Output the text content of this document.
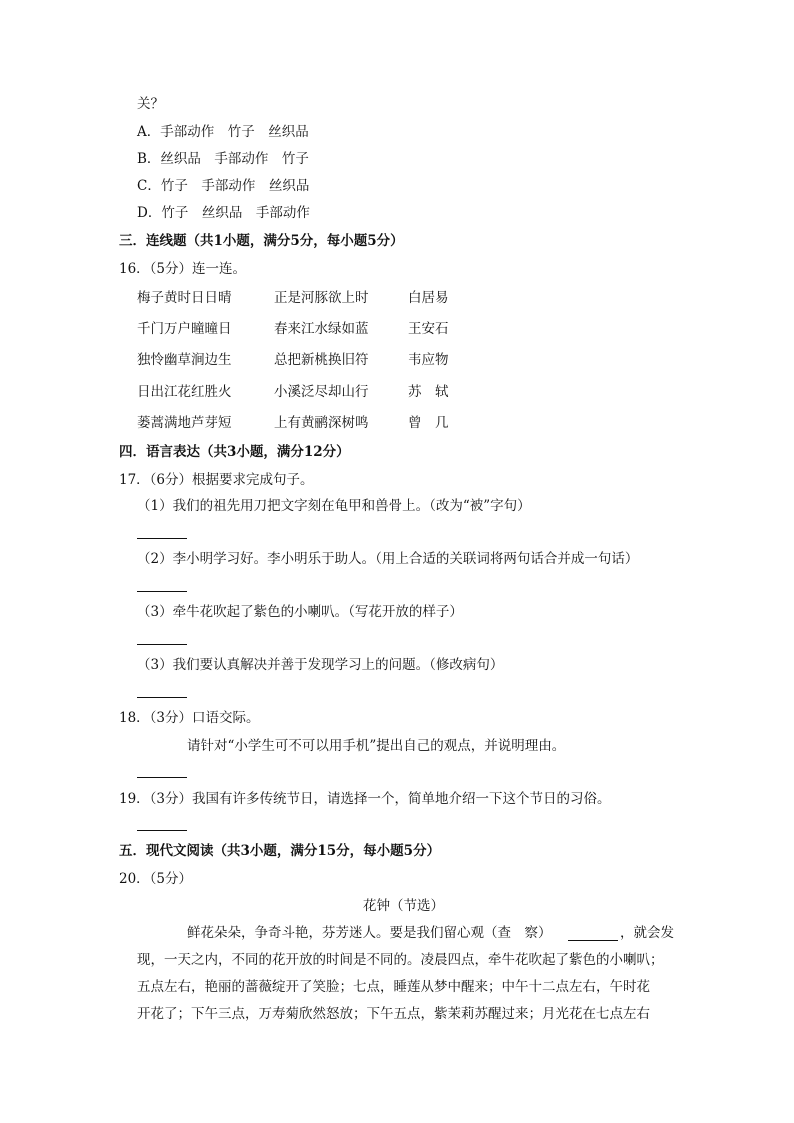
关？
A．手部动作　竹子　丝织品
B．丝织品　手部动作　竹子
C．竹子　手部动作　丝织品
D．竹子　丝织品　手部动作
三．连线题（共1小题，满分5分，每小题5分）
16．（5分）连一连。
梅子黄时日日晴	正是河豚欲上时	白居易
千门万户曈曈日	春来江水绿如蓝	王安石
独怜幽草涧边生	总把新桃换旧符	韦应物
日出江花红胜火	小溪泛尽却山行	苏　轼
蒌蒿满地芦芽短	上有黄鹂深树鸣	曾　几
四．语言表达（共3小题，满分12分）
17．（6分）根据要求完成句子。
（1）我们的祖先用刀把文字刻在龟甲和兽骨上。（改为“被”字句）
（2）李小明学习好。李小明乐于助人。（用上合适的关联词将两句话合并成一句话）
（3）牵牛花吹起了紫色的小喇叭。（写花开放的样子）
（3）我们要认真解决并善于发现学习上的问题。（修改病句）
18．（3分）口语交际。
请针对“小学生可不可以用手机”提出自己的观点，并说明理由。
19．（3分）我国有许多传统节日，请选择一个，简单地介绍一下这个节日的习俗。
五．现代文阅读（共3小题，满分15分，每小题5分）
20．（5分）
花钟（节选）
鲜花朵朵，争奇斗艳，芬芳迷人。要是我们留心观（查　察）	，就会发
现，一天之内，不同的花开放的时间是不同的。凌晨四点，牵牛花吹起了紫色的小喇叭；
五点左右，艳丽的蔷薇绽开了笑脸；七点，睡莲从梦中醒来；中午十二点左右，午时花
开花了；下午三点，万寿菊欣然怒放；下午五点，紫茉莉苏醒过来；月光花在七点左右
